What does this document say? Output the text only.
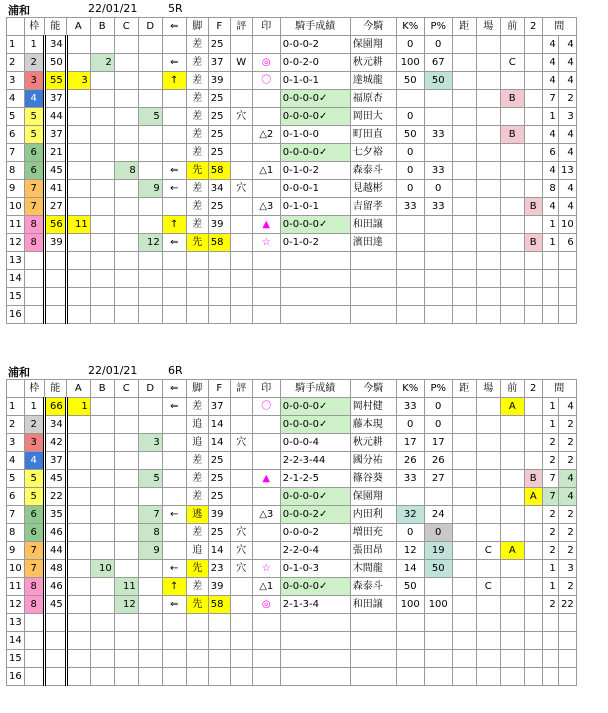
浦和	22/01/21	5R
	枠	能	A	B	C	D	⇐	脚	F	評	印	騎手成績	今騎	K%	P%	距	場	前	2	間	
1	1	34						差	25			0-0-0-2	保園翔	0	0					4	4
2	2	50		2			⇐	差	37	W	◎	0-0-2-0	秋元耕	100	67			C		4	4
3	3	55	3				↑	差	39		〇	0-1-0-1	達城龍	50	50					4	4
4	4	37						差	25			0-0-0-0✓	福原杏					B		7	2
5	5	44				5		差	25	穴		0-0-0-0✓	岡田大	0						1	3
6	5	37						差	25		△2	0-1-0-0	町田直	50	33			B		4	4
7	6	21						差	25			0-0-0-0✓	七夕裕	0						6	4
8	6	45			8		⇐	先	58		△1	0-1-0-2	森泰斗	0	33					4	13
9	7	41				9	←	差	34	穴		0-0-0-1	見越彬	0	0					8	4
10	7	27						差	25		△3	0-1-0-1	吉留孝	33	33				B	4	4
11	8	56	11				↑	差	39		▲	0-0-0-0✓	和田譲							1	10
12	8	39				12	⇐	先	58		☆	0-1-0-2	濱田達						B	1	6
13																					
14																					
15																					
16																					
浦和	22/01/21	6R
	枠	能	A	B	C	D	⇐	脚	F	評	印	騎手成績	今騎	K%	P%	距	場	前	2	間	
1	1	66	1				⇐	差	37		〇	0-0-0-0✓	岡村健	33	0			A		1	4
2	2	34						追	14			0-0-0-0✓	藤本現	0	0					1	2
3	3	42				3		追	14	穴		0-0-0-4	秋元耕	17	17					2	2
4	4	37						差	25			2-2-3-44	國分祐	26	26					2	2
5	5	45				5		差	25		▲	2-1-2-5	篠谷葵	33	27				B	7	4
6	5	22						差	25			0-0-0-0✓	保園翔						A	7	4
7	6	35				7	←	逃	39		△3	0-0-0-2✓	内田利	32	24					2	2
8	6	46				8		差	25	穴		0-0-0-2	増田充	0	0					2	2
9	7	44				9		追	14	穴		2-2-0-4	張田昂	12	19		C	A		2	2
10	7	48		10			←	先	23	穴	☆	0-1-0-3	木間龍	14	50					1	3
11	8	46			11		↑	差	39		△1	0-0-0-0✓	森泰斗	50			C			1	2
12	8	45			12		⇐	先	58		◎	2-1-3-4	和田譲	100	100					2	22
13																					
14																					
15																					
16																					
